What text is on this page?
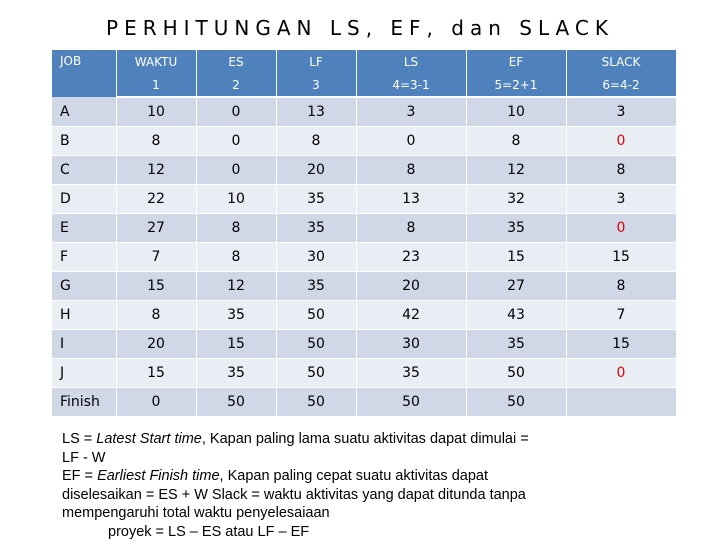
PERHITUNGAN LS, EF, dan SLACK
JOB	WAKTU	ES	LF	LS	EF	SLACK
	1	2	3	4=3-1	5=2+1	6=4-2
A	10	0	13	3	10	3
B	8	0	8	0	8	0
C	12	0	20	8	12	8
D	22	10	35	13	32	3
E	27	8	35	8	35	0
F	7	8	30	23	15	15
G	15	12	35	20	27	8
H	8	35	50	42	43	7
I	20	15	50	30	35	15
J	15	35	50	35	50	0
Finish	0	50	50	50	50	
LS = Latest Start time, Kapan paling lama suatu aktivitas dapat dimulai =
LF - W
EF = Earliest Finish time, Kapan paling cepat suatu aktivitas dapat
diselesaikan = ES + W Slack = waktu aktivitas yang dapat ditunda tanpa
mempengaruhi total waktu penyelesaiaan
proyek = LS – ES atau LF – EF
